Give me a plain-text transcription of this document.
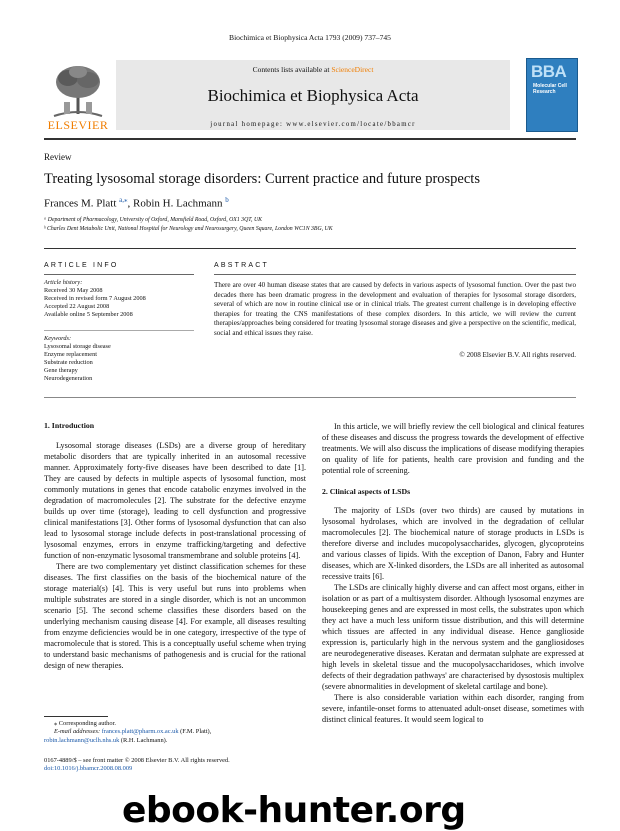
Biochimica et Biophysica Acta 1793 (2009) 737–745
ELSEVIER
Contents lists available at ScienceDirect
Biochimica et Biophysica Acta
journal homepage: www.elsevier.com/locate/bbamcr
BBA
Molecular Cell Research
Review
Treating lysosomal storage disorders: Current practice and future prospects
Frances M. Platt $^{a,⁎}$, Robin H. Lachmann $^b$
ᵃ Department of Pharmacology, University of Oxford, Mansfield Road, Oxford, OX1 3QT, UK
ᵇ Charles Dent Metabolic Unit, National Hospital for Neurology and Neurosurgery, Queen Square, London WC1N 3BG, UK
ARTICLE INFO
Article history:
Received 30 May 2008
Received in revised form 7 August 2008
Accepted 22 August 2008
Available online 5 September 2008
Keywords:
Lysosomal storage disease
Enzyme replacement
Substrate reduction
Gene therapy
Neurodegeneration
ABSTRACT
There are over 40 human disease states that are caused by defects in various aspects of lysosomal function. Over the past two decades there has been dramatic progress in the development and evaluation of therapies for lysosomal storage disorders, several of which are now in routine clinical use or in clinical trials. The greatest current challenge is in developing effective therapies for treating the CNS manifestations of these complex disorders. In this article, we will review the current therapies/approaches being considered for treating lysosomal storage diseases and give a perspective on the scientific, medical, social and ethical issues they raise.
© 2008 Elsevier B.V. All rights reserved.
1. Introduction

Lysosomal storage diseases (LSDs) are a diverse group of hereditary metabolic disorders that are typically inherited in an autosomal recessive manner. Approximately forty-five diseases have been described to date [1]. They are caused by defects in multiple aspects of lysosomal function, most commonly mutations in genes that encode catabolic enzymes involved in the degradation of macromolecules [2]. The substrate for the defective enzyme builds up over time (storage), leading to cell dysfunction and progressive clinical manifestations [3]. Other forms of lysosomal dysfunction that can also lead to lysosomal storage include defects in post-translational processing of lysosomal enzymes, errors in enzyme trafficking/targeting and defective function of non-enzymatic lysosomal transmembrane and soluble proteins [4].

There are two complementary yet distinct classification schemes for these diseases. The first classifies on the basis of the biochemical nature of the storage material(s) [4]. This is very useful but runs into problems when multiple substrates are stored in a single disorder, which is not an uncommon scenario [5]. The second scheme classifies these disorders based on the underlying mechanism causing disease [4]. For example, all diseases resulting from enzyme deficiencies would be in one category, irrespective of the type of macromolecule that is stored. This is a conceptually useful scheme when trying to understand basic mechanisms of pathogenesis and is crucial for the rational design of new therapies.

⁎ Corresponding author.
E-mail addresses: frances.platt@pharm.ox.ac.uk (F.M. Platt),
robin.lachmann@uclh.nhs.uk (R.H. Lachmann).
0167-4889/$ – see front matter © 2008 Elsevier B.V. All rights reserved.
doi:10.1016/j.bbamcr.2008.08.009

In this article, we will briefly review the cell biological and clinical features of these diseases and discuss the progress towards the development of effective treatments. We will also discuss the implications of disease modifying therapies on quality of life for patients, health care provision and funding and the potential role of screening.

2. Clinical aspects of LSDs

The majority of LSDs (over two thirds) are caused by mutations in lysosomal hydrolases, which are involved in the degradation of cellular macromolecules [2]. The biochemical nature of storage products in LSDs is therefore diverse and includes mucopolysaccharides, glycogen, glycoproteins and various classes of lipids. With the exception of Danon, Fabry and Hunter diseases, which are X-linked disorders, the LSDs are all inherited as autosomal recessive traits [6].

The LSDs are clinically highly diverse and can affect most organs, either in isolation or as part of a multisystem disorder. Although lysosomal enzymes are housekeeping genes and are expressed in most cells, the substrates upon which they act have a much less uniform tissue distribution, and this will determine which tissues are affected in any individual disease. Hence ganglioside expression is, particularly high in the nervous system and the gangliosidoses are neurodegenerative diseases. Keratan and dermatan sulphate are expressed at high levels in skeletal tissue and the mucopolysaccharidoses, which involve defects of their degradation pathways' are characterised by dysostosis multiplex (severe abnormalities in development of skeletal cartilage and bone).

There is also considerable variation within each disorder, ranging from severe, infantile-onset forms to attenuated adult-onset disease, sometimes with distinct clinical features. It would seem logical to

ebook-hunter.org
